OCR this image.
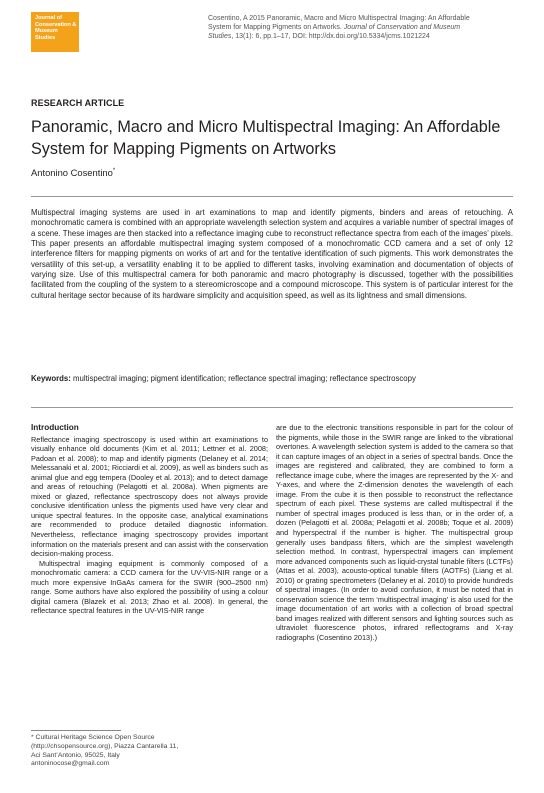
Journal of
Conservation &
Museum
Studies
Cosentino, A 2015 Panoramic, Macro and Micro Multispectral Imaging: An Affordable
System for Mapping Pigments on Artworks. Journal of Conservation and Museum
Studies, 13(1): 6, pp.1–17, DOI: http://dx.doi.org/10.5334/jcms.1021224
RESEARCH ARTICLE
Panoramic, Macro and Micro Multispectral Imaging: An Affordable System for Mapping Pigments on Artworks
Antonino Cosentino*

Multispectral imaging systems are used in art examinations to map and identify pigments, binders and areas of retouching. A monochromatic camera is combined with an appropriate wavelength selection system and acquires a variable number of spectral images of a scene. These images are then stacked into a reflectance imaging cube to reconstruct reflectance spectra from each of the images’ pixels. This paper presents an affordable multispectral imaging system composed of a monochromatic CCD camera and a set of only 12 interference filters for mapping pigments on works of art and for the tentative identification of such pigments. This work demonstrates the versatility of this set-up, a versatility enabling it to be applied to different tasks, involving examination and documentation of objects of varying size. Use of this multispectral camera for both panoramic and macro photography is discussed, together with the possibilities facilitated from the coupling of the system to a stereomicroscope and a compound microscope. This system is of particular interest for the cultural heritage sector because of its hardware simplicity and acquisition speed, as well as its lightness and small dimensions.

Keywords: multispectral imaging; pigment identification; reflectance spectral imaging; reflectance spectroscopy

Introduction

Reflectance imaging spectroscopy is used within art examinations to visually enhance old documents (Kim et al. 2011; Lettner et al. 2008; Padoan et al. 2008); to map and identify pigments (Delaney et al. 2014; Melessanaki et al. 2001; Ricciardi et al. 2009), as well as binders such as animal glue and egg tempera (Dooley et al. 2013); and to detect damage and areas of retouching (Pelagotti et al. 2008a). When pigments are mixed or glazed, reflectance spectroscopy does not always provide conclusive identification unless the pigments used have very clear and unique spectral features. In the opposite case, analytical examinations are recommended to produce detailed diagnostic information. Nevertheless, reflectance imaging spectroscopy provides important information on the materials present and can assist with the conservation decision-making process.

Multispectral imaging equipment is commonly composed of a monochromatic camera: a CCD camera for the UV-VIS-NIR range or a much more expensive InGaAs camera for the SWIR (900–2500 nm) range. Some authors have also explored the possibility of using a colour digital camera (Blazek et al. 2013; Zhao et al. 2008). In general, the reflectance spectral features in the UV-VIS-NIR range

are due to the electronic transitions responsible in part for the colour of the pigments, while those in the SWIR range are linked to the vibrational overtones. A wavelength selection system is added to the camera so that it can capture images of an object in a series of spectral bands. Once the images are registered and calibrated, they are combined to form a reflectance image cube, where the images are represented by the X- and Y-axes, and where the Z-dimension denotes the wavelength of each image. From the cube it is then possible to reconstruct the reflectance spectrum of each pixel. These systems are called multispectral if the number of spectral images produced is less than, or in the order of, a dozen (Pelagotti et al. 2008a; Pelagotti et al. 2008b; Toque et al. 2009) and hyperspectral if the number is higher. The multispectral group generally uses bandpass filters, which are the simplest wavelength selection method. In contrast, hyperspectral imagers can implement more advanced components such as liquid-crystal tunable filters (LCTFs) (Attas et al. 2003), acousto-optical tunable filters (AOTFs) (Liang et al. 2010) or grating spectrometers (Delaney et al. 2010) to provide hundreds of spectral images. (In order to avoid confusion, it must be noted that in conservation science the term ‘multispectral imaging’ is also used for the image documentation of art works with a collection of broad spectral band images realized with different sensors and lighting sources such as ultraviolet fluorescence photos, infrared reflectograms and X-ray radiographs (Cosentino 2013).)

* Cultural Heritage Science Open Source
(http://chsopensource.org), Piazza Cantarella 11,
Aci Sant’Antonio, 95025, Italy
antoninocose@gmail.com
